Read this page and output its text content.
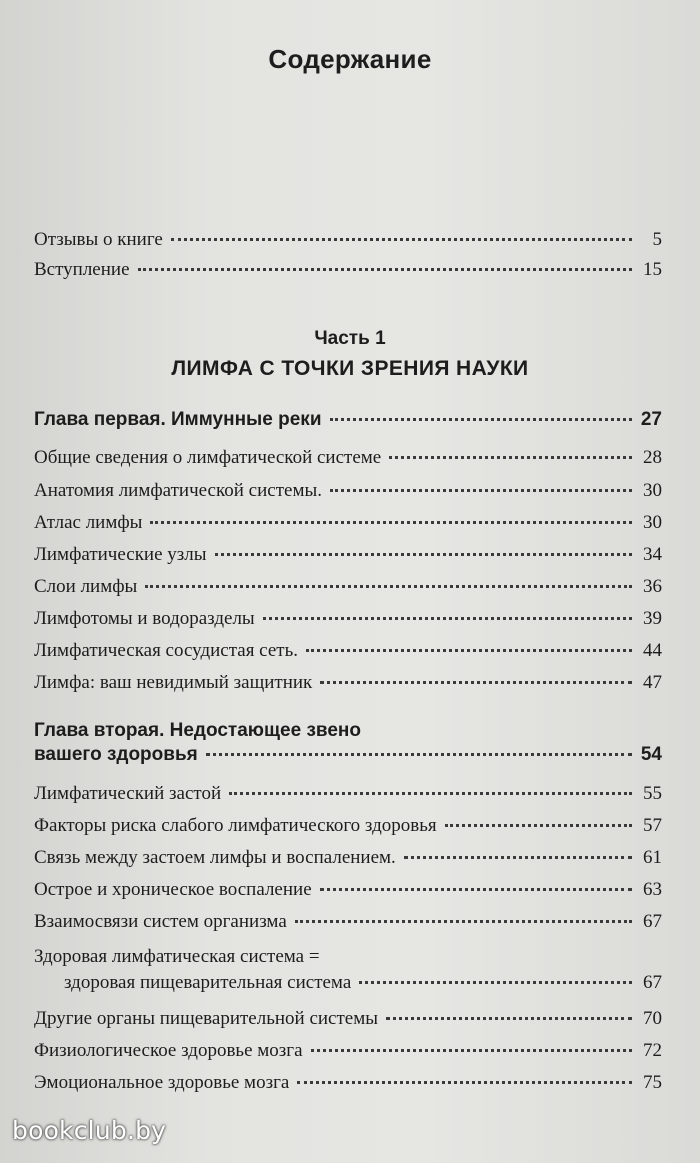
Содержание
Отзывы о книге	5
Вступление	15
Часть 1
ЛИМФА С ТОЧКИ ЗРЕНИЯ НАУКИ
Глава первая. Иммунные реки	27
Общие сведения о лимфатической системе	28
Анатомия лимфатической системы.	30
Атлас лимфы	30
Лимфатические узлы	34
Слои лимфы	36
Лимфотомы и водоразделы	39
Лимфатическая сосудистая сеть.	44
Лимфа: ваш невидимый защитник	47
Глава вторая. Недостающее звено
вашего здоровья	54
Лимфатический застой	55
Факторы риска слабого лимфатического здоровья	57
Связь между застоем лимфы и воспалением.	61
Острое и хроническое воспаление	63
Взаимосвязи систем организма	67
Здоровая лимфатическая система =
здоровая пищеварительная система	67
Другие органы пищеварительной системы	70
Физиологическое здоровье мозга	72
Эмоциональное здоровье мозга	75
bookclub.by
